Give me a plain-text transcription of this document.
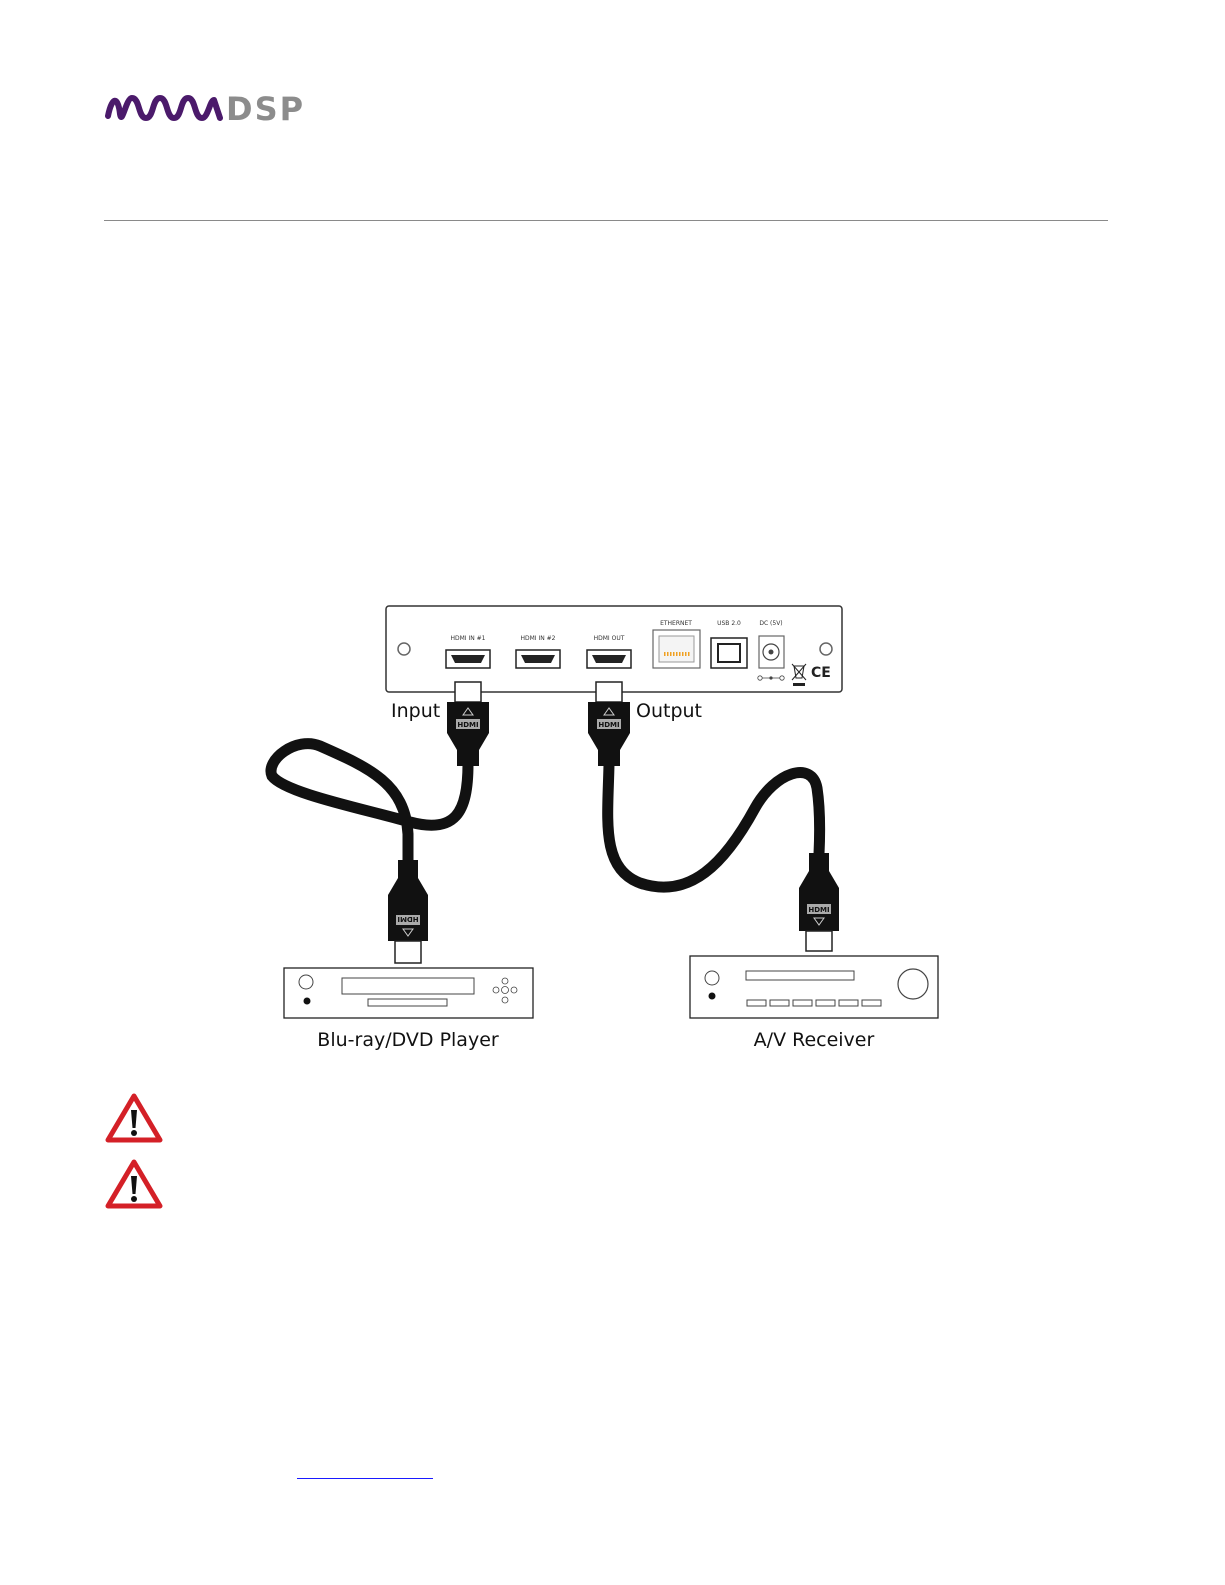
DSP
HDMI IN #1	HDMI IN #2	HDMI OUT
ETHERNET	USB 2.0	DC (5V)
CE
HDMI
HDMI
HDMI
HDMI
Input	Output
Blu-ray/DVD Player	A/V Receiver
